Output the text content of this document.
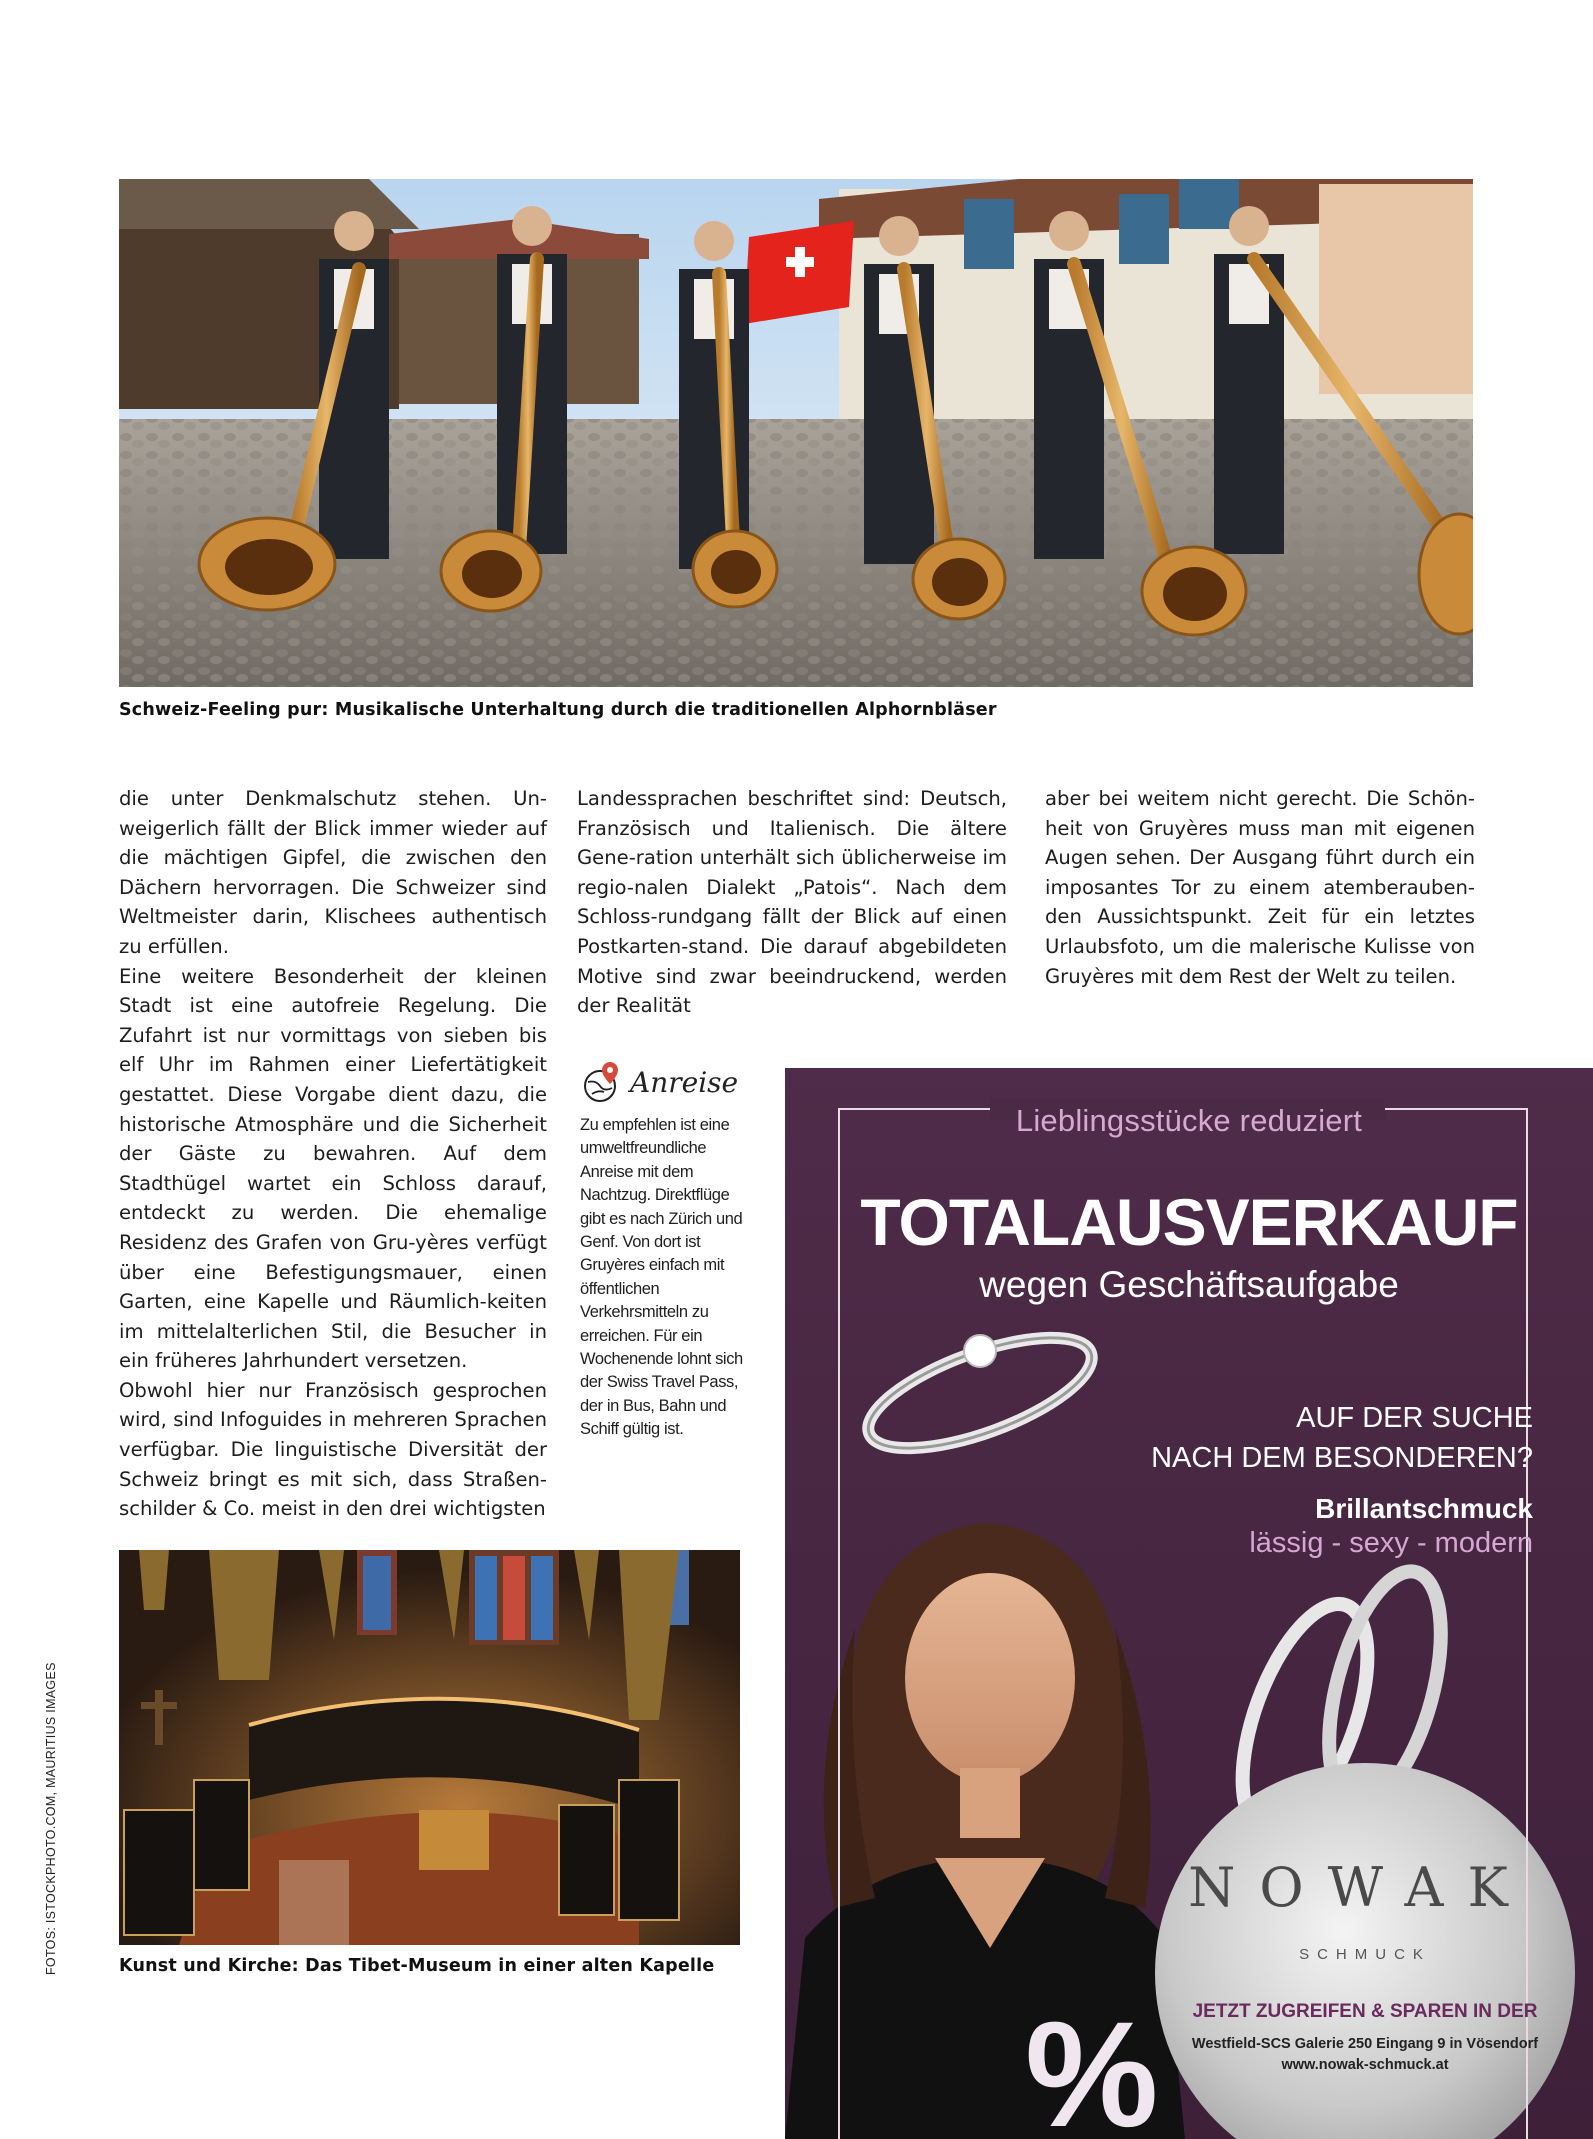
Schweiz-Feeling pur: Musikalische Unterhaltung durch die traditionellen Alphornbläser

die unter Denkmalschutz stehen. Un-weigerlich fällt der Blick immer wieder auf die mächtigen Gipfel, die zwischen den Dächern hervorragen. Die Schweizer sind Weltmeister darin, Klischees authentisch zu erfüllen.

Eine weitere Besonderheit der kleinen Stadt ist eine autofreie Regelung. Die Zufahrt ist nur vormittags von sieben bis elf Uhr im Rahmen einer Liefertätigkeit gestattet. Diese Vorgabe dient dazu, die historische Atmosphäre und die Sicherheit der Gäste zu bewahren. Auf dem Stadthügel wartet ein Schloss darauf, entdeckt zu werden. Die ehemalige Residenz des Grafen von Gru-yères verfügt über eine Befestigungsmauer, einen Garten, eine Kapelle und Räumlich-keiten im mittelalterlichen Stil, die Besucher in ein früheres Jahrhundert versetzen.

Obwohl hier nur Französisch gesprochen wird, sind Infoguides in mehreren Sprachen verfügbar. Die linguistische Diversität der Schweiz bringt es mit sich, dass Straßen-schilder & Co. meist in den drei wichtigsten

Landessprachen beschriftet sind: Deutsch, Französisch und Italienisch. Die ältere Gene-ration unterhält sich üblicherweise im regio-nalen Dialekt „Patois“. Nach dem Schloss-rundgang fällt der Blick auf einen Postkarten-stand. Die darauf abgebildeten Motive sind zwar beeindruckend, werden der Realität

aber bei weitem nicht gerecht. Die Schön-heit von Gruyères muss man mit eigenen Augen sehen. Der Ausgang führt durch ein imposantes Tor zu einem atemberauben-den Aussichtspunkt. Zeit für ein letztes Urlaubsfoto, um die malerische Kulisse von Gruyères mit dem Rest der Welt zu teilen.

Anreise
Zu empfehlen ist eine umweltfreundliche Anreise mit dem Nachtzug. Direktflüge gibt es nach Zürich und Genf. Von dort ist Gruyères einfach mit öffentlichen Verkehrsmitteln zu erreichen. Für ein Wochenende lohnt sich der Swiss Travel Pass, der in Bus, Bahn und Schiff gültig ist.
Kunst und Kirche: Das Tibet-Museum in einer alten Kapelle
FOTOS: ISTOCKPHOTO.COM, MAURITIUS IMAGES
Lieblingsstücke reduziert
TOTALAUSVERKAUF
wegen Geschäftsaufgabe
AUF DER SUCHE
NACH DEM BESONDEREN?
Brillantschmuck
lässig - sexy - modern
%
NOWAK
SCHMUCK
JETZT ZUGREIFEN & SPAREN IN DER
Westfield-SCS Galerie 250 Eingang 9 in Vösendorf
www.nowak-schmuck.at
